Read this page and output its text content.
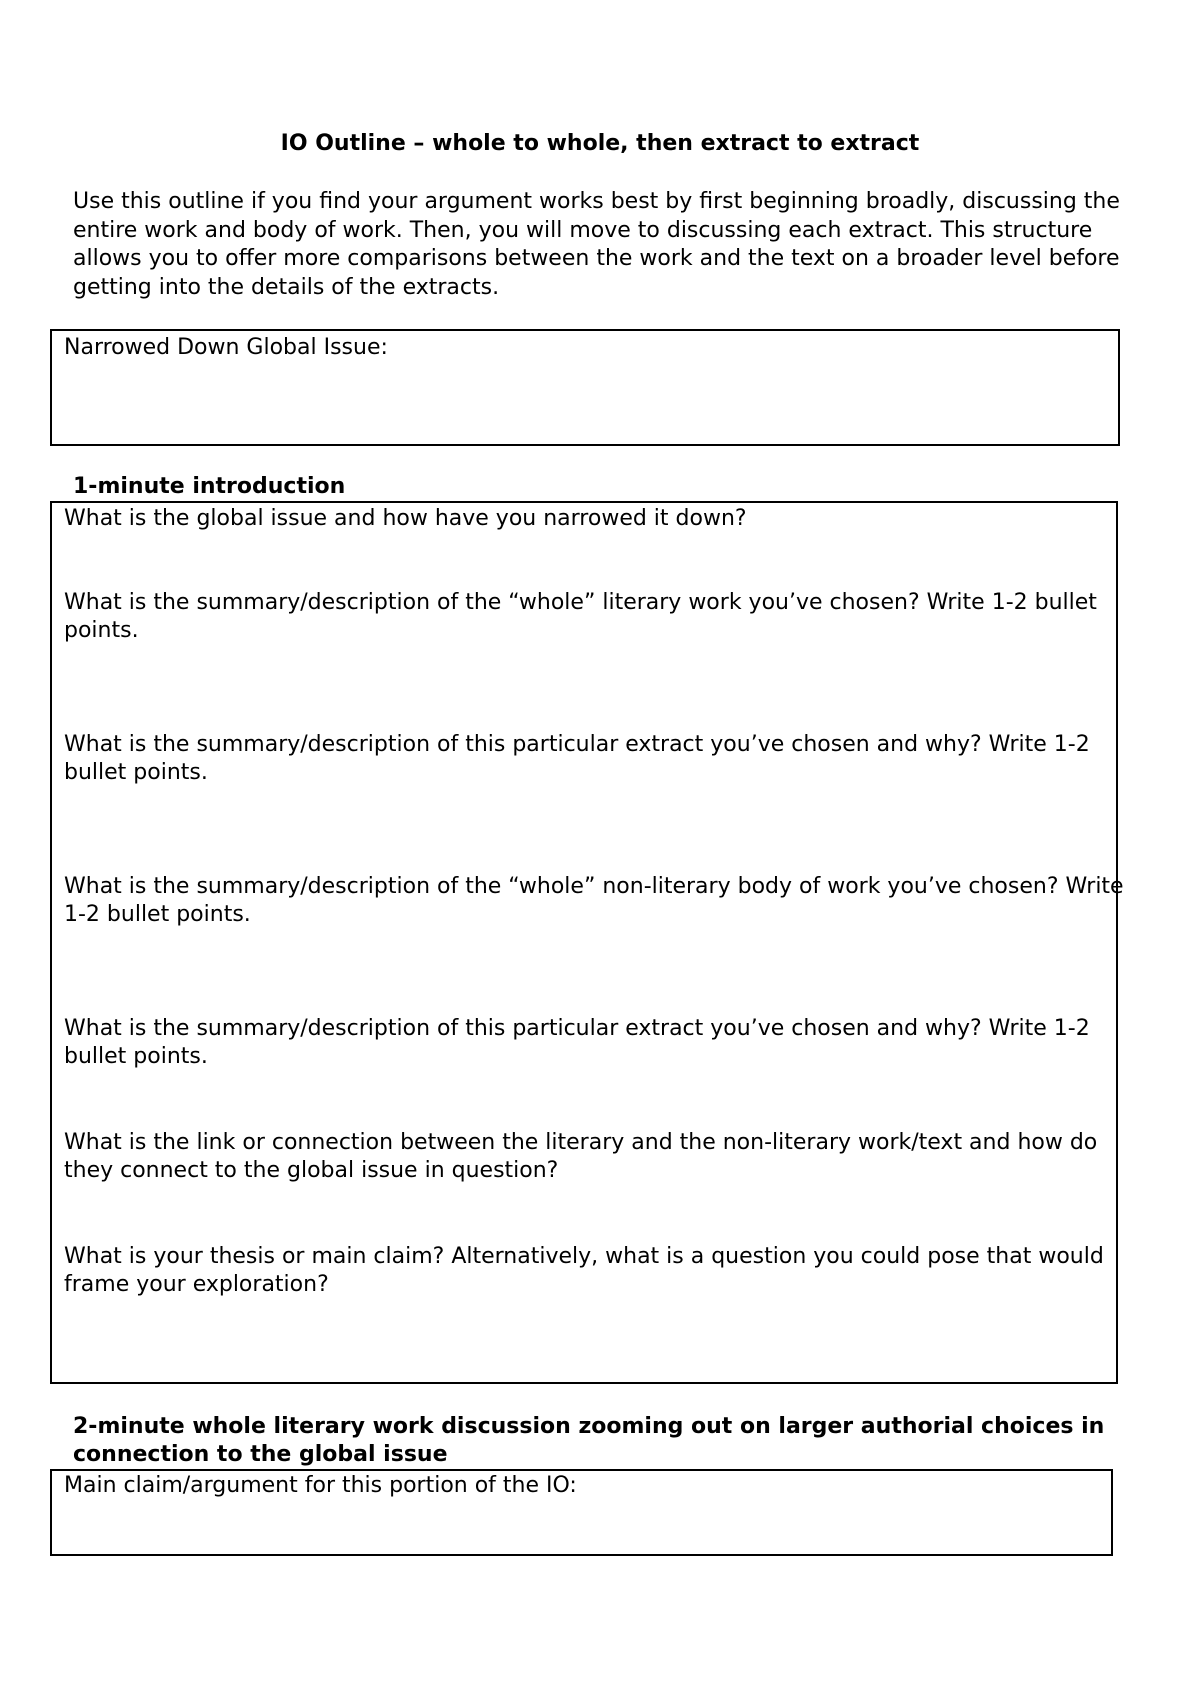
IO Outline – whole to whole, then extract to extract

Use this outline if you find your argument works best by first beginning broadly, discussing the entire work and body of work. Then, you will move to discussing each extract. This structure allows you to offer more comparisons between the work and the text on a broader level before getting into the details of the extracts.

Narrowed Down Global Issue:

1-minute introduction

What is the global issue and how have you narrowed it down?

What is the summary/description of the “whole” literary work you’ve chosen? Write 1-2 bullet points.

What is the summary/description of this particular extract you’ve chosen and why? Write 1-2 bullet points.

What is the summary/description of the “whole” non-literary body of work you’ve chosen? Write 1-2 bullet points.

What is the summary/description of this particular extract you’ve chosen and why? Write 1-2 bullet points.

What is the link or connection between the literary and the non-literary work/text and how do they connect to the global issue in question?

What is your thesis or main claim? Alternatively, what is a question you could pose that would frame your exploration?

2-minute whole literary work discussion zooming out on larger authorial choices in connection to the global issue

Main claim/argument for this portion of the IO:
